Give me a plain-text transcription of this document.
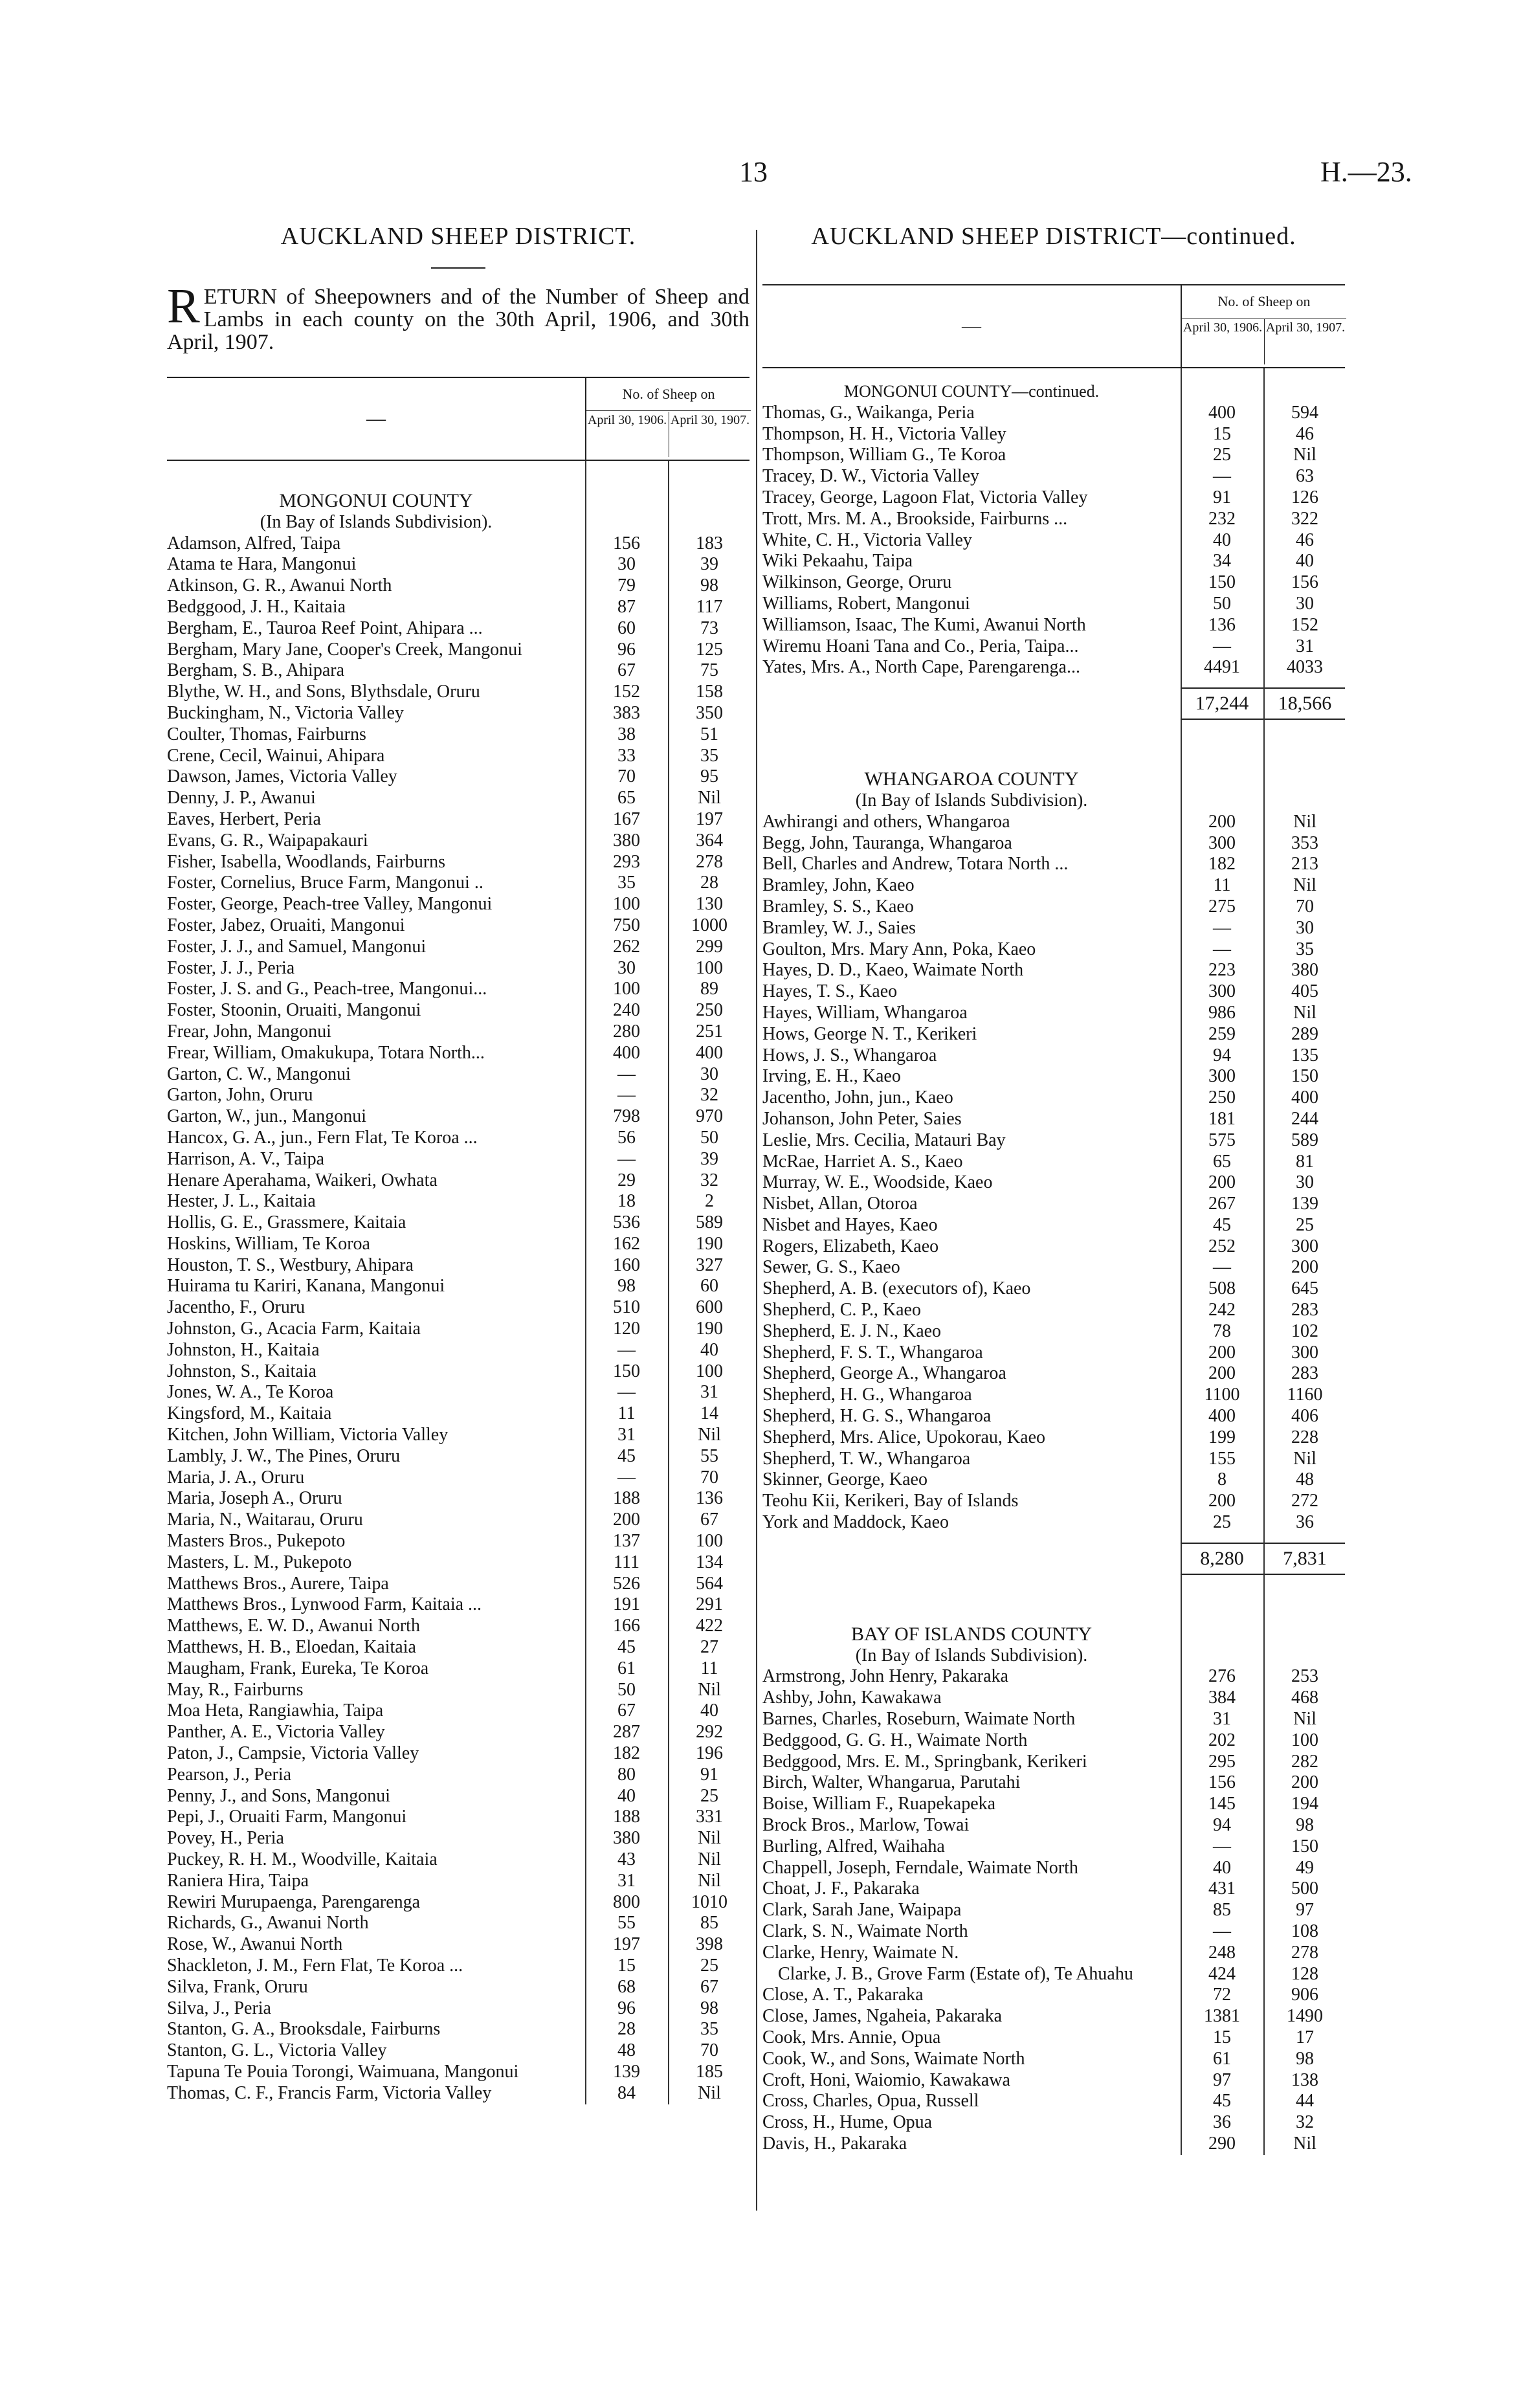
13	H.—23.
AUCKLAND SHEEP DISTRICT.
RETURN of Sheepowners and of the Number of Sheep and Lambs in each county on the 30th April, 1906, and 30th April, 1907.
—
No. of Sheep on
April 30, 1906. April 30, 1907.
MONGONUI COUNTY
(In Bay of Islands Subdivision).
Adamson, Alfred, Taipa	156	183
Atama te Hara, Mangonui	30	39
Atkinson, G. R., Awanui North	79	98
Bedggood, J. H., Kaitaia	87	117
Bergham, E., Tauroa Reef Point, Ahipara ...	60	73
Bergham, Mary Jane, Cooper's Creek, Mangonui	96	125
Bergham, S. B., Ahipara	67	75
Blythe, W. H., and Sons, Blythsdale, Oruru	152	158
Buckingham, N., Victoria Valley	383	350
Coulter, Thomas, Fairburns	38	51
Crene, Cecil, Wainui, Ahipara	33	35
Dawson, James, Victoria Valley	70	95
Denny, J. P., Awanui	65	Nil
Eaves, Herbert, Peria	167	197
Evans, G. R., Waipapakauri	380	364
Fisher, Isabella, Woodlands, Fairburns	293	278
Foster, Cornelius, Bruce Farm, Mangonui ..	35	28
Foster, George, Peach-tree Valley, Mangonui	100	130
Foster, Jabez, Oruaiti, Mangonui	750	1000
Foster, J. J., and Samuel, Mangonui	262	299
Foster, J. J., Peria	30	100
Foster, J. S. and G., Peach-tree, Mangonui...	100	89
Foster, Stoonin, Oruaiti, Mangonui	240	250
Frear, John, Mangonui	280	251
Frear, William, Omakukupa, Totara North...	400	400
Garton, C. W., Mangonui	—	30
Garton, John, Oruru	—	32
Garton, W., jun., Mangonui	798	970
Hancox, G. A., jun., Fern Flat, Te Koroa ...	56	50
Harrison, A. V., Taipa	—	39
Henare Aperahama, Waikeri, Owhata	29	32
Hester, J. L., Kaitaia	18	2
Hollis, G. E., Grassmere, Kaitaia	536	589
Hoskins, William, Te Koroa	162	190
Houston, T. S., Westbury, Ahipara	160	327
Huirama tu Kariri, Kanana, Mangonui	98	60
Jacentho, F., Oruru	510	600
Johnston, G., Acacia Farm, Kaitaia	120	190
Johnston, H., Kaitaia	—	40
Johnston, S., Kaitaia	150	100
Jones, W. A., Te Koroa	—	31
Kingsford, M., Kaitaia	11	14
Kitchen, John William, Victoria Valley	31	Nil
Lambly, J. W., The Pines, Oruru	45	55
Maria, J. A., Oruru	—	70
Maria, Joseph A., Oruru	188	136
Maria, N., Waitarau, Oruru	200	67
Masters Bros., Pukepoto	137	100
Masters, L. M., Pukepoto	111	134
Matthews Bros., Aurere, Taipa	526	564
Matthews Bros., Lynwood Farm, Kaitaia ...	191	291
Matthews, E. W. D., Awanui North	166	422
Matthews, H. B., Eloedan, Kaitaia	45	27
Maugham, Frank, Eureka, Te Koroa	61	11
May, R., Fairburns	50	Nil
Moa Heta, Rangiawhia, Taipa	67	40
Panther, A. E., Victoria Valley	287	292
Paton, J., Campsie, Victoria Valley	182	196
Pearson, J., Peria	80	91
Penny, J., and Sons, Mangonui	40	25
Pepi, J., Oruaiti Farm, Mangonui	188	331
Povey, H., Peria	380	Nil
Puckey, R. H. M., Woodville, Kaitaia	43	Nil
Raniera Hira, Taipa	31	Nil
Rewiri Murupaenga, Parengarenga	800	1010
Richards, G., Awanui North	55	85
Rose, W., Awanui North	197	398
Shackleton, J. M., Fern Flat, Te Koroa ...	15	25
Silva, Frank, Oruru	68	67
Silva, J., Peria	96	98
Stanton, G. A., Brooksdale, Fairburns	28	35
Stanton, G. L., Victoria Valley	48	70
Tapuna Te Pouia Torongi, Waimuana, Mangonui	139	185
Thomas, C. F., Francis Farm, Victoria Valley	84	Nil
AUCKLAND SHEEP DISTRICT—continued.
—
No. of Sheep on
April 30, 1906. April 30, 1907.
MONGONUI COUNTY—continued.
Thomas, G., Waikanga, Peria	400	594
Thompson, H. H., Victoria Valley	15	46
Thompson, William G., Te Koroa	25	Nil
Tracey, D. W., Victoria Valley	—	63
Tracey, George, Lagoon Flat, Victoria Valley	91	126
Trott, Mrs. M. A., Brookside, Fairburns ...	232	322
White, C. H., Victoria Valley	40	46
Wiki Pekaahu, Taipa	34	40
Wilkinson, George, Oruru	150	156
Williams, Robert, Mangonui	50	30
Williamson, Isaac, The Kumi, Awanui North	136	152
Wiremu Hoani Tana and Co., Peria, Taipa...	—	31
Yates, Mrs. A., North Cape, Parengarenga...	4491	4033
17,244	18,566
WHANGAROA COUNTY
(In Bay of Islands Subdivision).
Awhirangi and others, Whangaroa	200	Nil
Begg, John, Tauranga, Whangaroa	300	353
Bell, Charles and Andrew, Totara North ...	182	213
Bramley, John, Kaeo	11	Nil
Bramley, S. S., Kaeo	275	70
Bramley, W. J., Saies	—	30
Goulton, Mrs. Mary Ann, Poka, Kaeo	—	35
Hayes, D. D., Kaeo, Waimate North	223	380
Hayes, T. S., Kaeo	300	405
Hayes, William, Whangaroa	986	Nil
Hows, George N. T., Kerikeri	259	289
Hows, J. S., Whangaroa	94	135
Irving, E. H., Kaeo	300	150
Jacentho, John, jun., Kaeo	250	400
Johanson, John Peter, Saies	181	244
Leslie, Mrs. Cecilia, Matauri Bay	575	589
McRae, Harriet A. S., Kaeo	65	81
Murray, W. E., Woodside, Kaeo	200	30
Nisbet, Allan, Otoroa	267	139
Nisbet and Hayes, Kaeo	45	25
Rogers, Elizabeth, Kaeo	252	300
Sewer, G. S., Kaeo	—	200
Shepherd, A. B. (executors of), Kaeo	508	645
Shepherd, C. P., Kaeo	242	283
Shepherd, E. J. N., Kaeo	78	102
Shepherd, F. S. T., Whangaroa	200	300
Shepherd, George A., Whangaroa	200	283
Shepherd, H. G., Whangaroa	1100	1160
Shepherd, H. G. S., Whangaroa	400	406
Shepherd, Mrs. Alice, Upokorau, Kaeo	199	228
Shepherd, T. W., Whangaroa	155	Nil
Skinner, George, Kaeo	8	48
Teohu Kii, Kerikeri, Bay of Islands	200	272
York and Maddock, Kaeo	25	36
8,280	7,831
BAY OF ISLANDS COUNTY
(In Bay of Islands Subdivision).
Armstrong, John Henry, Pakaraka	276	253
Ashby, John, Kawakawa	384	468
Barnes, Charles, Roseburn, Waimate North	31	Nil
Bedggood, G. G. H., Waimate North	202	100
Bedggood, Mrs. E. M., Springbank, Kerikeri	295	282
Birch, Walter, Whangarua, Parutahi	156	200
Boise, William F., Ruapekapeka	145	194
Brock Bros., Marlow, Towai	94	98
Burling, Alfred, Waihaha	—	150
Chappell, Joseph, Ferndale, Waimate North	40	49
Choat, J. F., Pakaraka	431	500
Clark, Sarah Jane, Waipapa	85	97
Clark, S. N., Waimate North	—	108
Clarke, Henry, Waimate N.	248	278
Clarke, J. B., Grove Farm (Estate of), Te Ahuahu	424	128
Close, A. T., Pakaraka	72	906
Close, James, Ngaheia, Pakaraka	1381	1490
Cook, Mrs. Annie, Opua	15	17
Cook, W., and Sons, Waimate North	61	98
Croft, Honi, Waiomio, Kawakawa	97	138
Cross, Charles, Opua, Russell	45	44
Cross, H., Hume, Opua	36	32
Davis, H., Pakaraka	290	Nil
